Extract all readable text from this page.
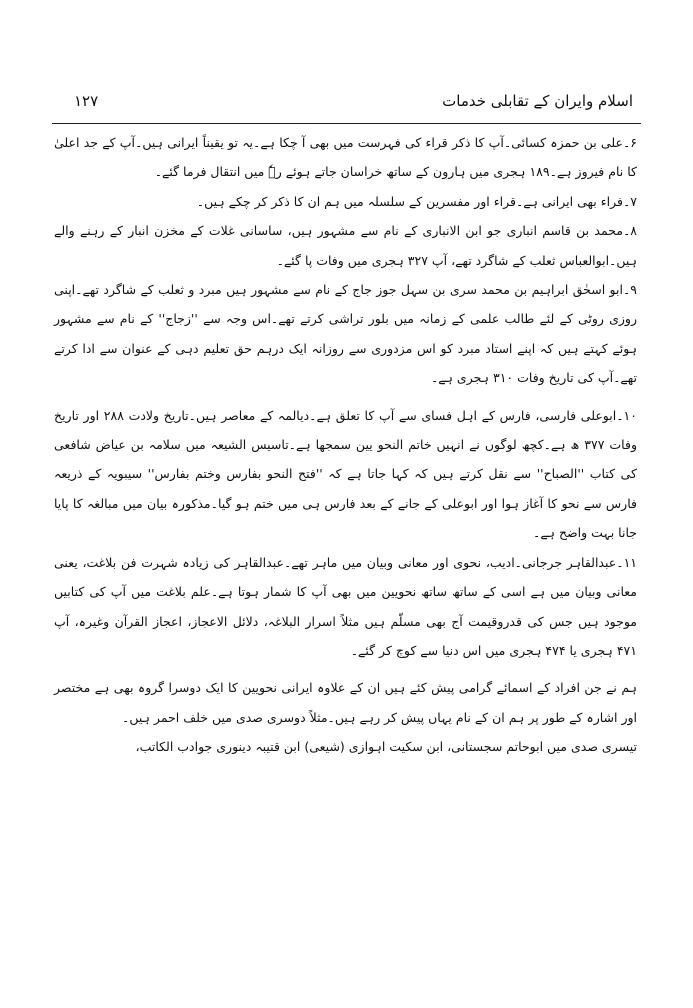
اسلام وایران کے تقابلی خدمات
۱۲۷

۶۔علی بن حمزہ کسائی۔آپ کا ذکر قراء کی فہرست میں بھی آ چکا ہے۔یہ تو یقیناً ایرانی ہیں۔آپ کے جد اعلیٰ کا نام فیروز ہے۔۱۸۹ ہجری میں ہارون کے ساتھ خراسان جاتے ہوئے رےٗ میں انتقال فرما گئے۔

۷۔فراء بھی ایرانی ہے۔قراء اور مفسرین کے سلسلہ میں ہم ان کا ذکر کر چکے ہیں۔

۸۔محمد بن قاسم انباری جو ابن الانباری کے نام سے مشہور ہیں، ساسانی غلات کے مخزن انبار کے رہنے والے ہیں۔ابوالعباس ثعلب کے شاگرد تھے، آپ ۳۲۷ ہجری میں وفات پا گئے۔

۹۔ابو اسحٰق ابراہیم بن محمد سری بن سہل جوز جاج کے نام سے مشہور ہیں مبرد و ثعلب کے شاگرد تھے۔اپنی روزی روٹی کے لئے طالب علمی کے زمانہ میں بلور تراشی کرتے تھے۔اس وجہ سے ''زجاج'' کے نام سے مشہور ہوئے کہتے ہیں کہ اپنے استاد مبرد کو اس مزدوری سے روزانہ ایک درہم حق تعلیم دہی کے عنوان سے ادا کرتے تھے۔آپ کی تاریخ وفات ۳۱۰ ہجری ہے۔

۱۰۔ابوعلی فارسی، فارس کے اہل فسای سے آپ کا تعلق ہے۔دیالمہ کے معاصر ہیں۔تاریخ ولادت ۲۸۸ اور تاریخ وفات ۳۷۷ ھ ہے۔کچھ لوگوں نے انہیں خاتم النحو یین سمجھا ہے۔تاسیس الشیعہ میں سلامہ بن عیاض شافعی کی کتاب ''الصباح'' سے نقل کرتے ہیں کہ کہا جاتا ہے کہ ''فتح النحو بفارس وختم بفارس'' سیبویہ کے ذریعہ فارس سے نحو کا آغاز ہوا اور ابوعلی کے جانے کے بعد فارس ہی میں ختم ہو گیا۔مذکورہ بیان میں مبالغہ کا پایا جانا بہت واضح ہے۔

۱۱۔عبدالقاہر جرجانی۔ادیب، نحوی اور معانی وبیان میں ماہر تھے۔عبدالقاہر کی زیادہ شہرت فن بلاغت، یعنی معانی وبیان میں ہے اسی کے ساتھ ساتھ نحویین میں بھی آپ کا شمار ہوتا ہے۔علم بلاغت میں آپ کی کتابیں موجود ہیں جس کی قدروقیمت آج بھی مسلّم ہیں مثلاً اسرار البلاغہ، دلائل الاعجاز، اعجاز القرآن وغیرہ، آپ ۴۷۱ ہجری یا ۴۷۴ ہجری میں اس دنیا سے کوچ کر گئے۔

ہم نے جن افراد کے اسمائے گرامی پیش کئے ہیں ان کے علاوہ ایرانی نحویین کا ایک دوسرا گروہ بھی ہے مختصر اور اشارہ کے طور پر ہم ان کے نام یہاں پیش کر رہے ہیں۔مثلاً دوسری صدی میں خلف احمر ہیں۔

تیسری صدی میں ابوحاتم سجستانی، ابن سکیت اہوازی (شیعی) ابن قتیبہ دینوری جوادب الکاتب،
